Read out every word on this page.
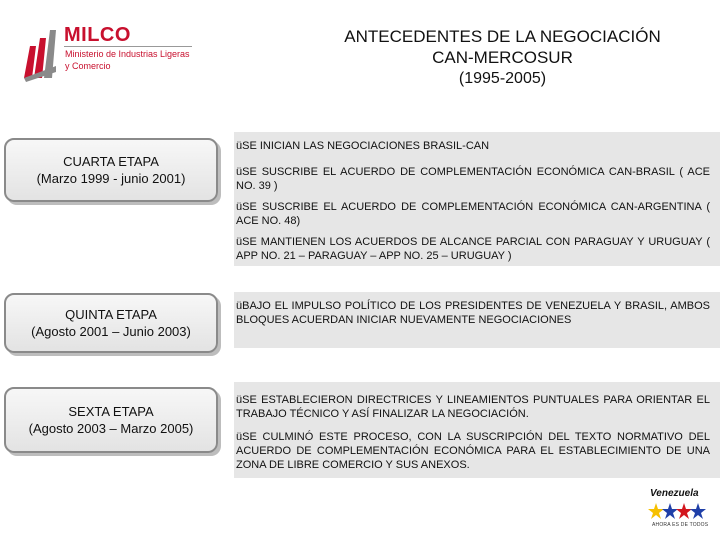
MILCO
Ministerio de Industrias Ligeras
y Comercio
ANTECEDENTES DE LA NEGOCIACIÓN
CAN-MERCOSUR
(1995-2005)
CUARTA ETAPA
(Marzo 1999 - junio 2001)
QUINTA ETAPA
(Agosto 2001 – Junio 2003)
SEXTA ETAPA
(Agosto 2003 – Marzo 2005)
üSE INICIAN LAS NEGOCIACIONES BRASIL-CAN
üSE SUSCRIBE EL ACUERDO DE COMPLEMENTACIÓN ECONÓMICA CAN-BRASIL ( ACE NO. 39 )
üSE SUSCRIBE EL ACUERDO DE COMPLEMENTACIÓN ECONÓMICA CAN-ARGENTINA ( ACE NO. 48)
üSE MANTIENEN LOS ACUERDOS DE ALCANCE PARCIAL CON PARAGUAY Y URUGUAY ( APP NO. 21 – PARAGUAY – APP NO. 25 – URUGUAY )
üBAJO EL IMPULSO POLÍTICO DE LOS PRESIDENTES DE VENEZUELA Y BRASIL, AMBOS BLOQUES ACUERDAN INICIAR NUEVAMENTE NEGOCIACIONES
üSE ESTABLECIERON DIRECTRICES Y LINEAMIENTOS PUNTUALES PARA ORIENTAR EL TRABAJO TÉCNICO Y ASÍ FINALIZAR LA NEGOCIACIÓN.
üSE CULMINÓ ESTE PROCESO, CON LA SUSCRIPCIÓN DEL TEXTO NORMATIVO DEL ACUERDO DE COMPLEMENTACIÓN ECONÓMICA PARA EL ESTABLECIMIENTO DE UNA ZONA DE LIBRE COMERCIO Y SUS ANEXOS.
Venezuela
AHORA ES DE TODOS
